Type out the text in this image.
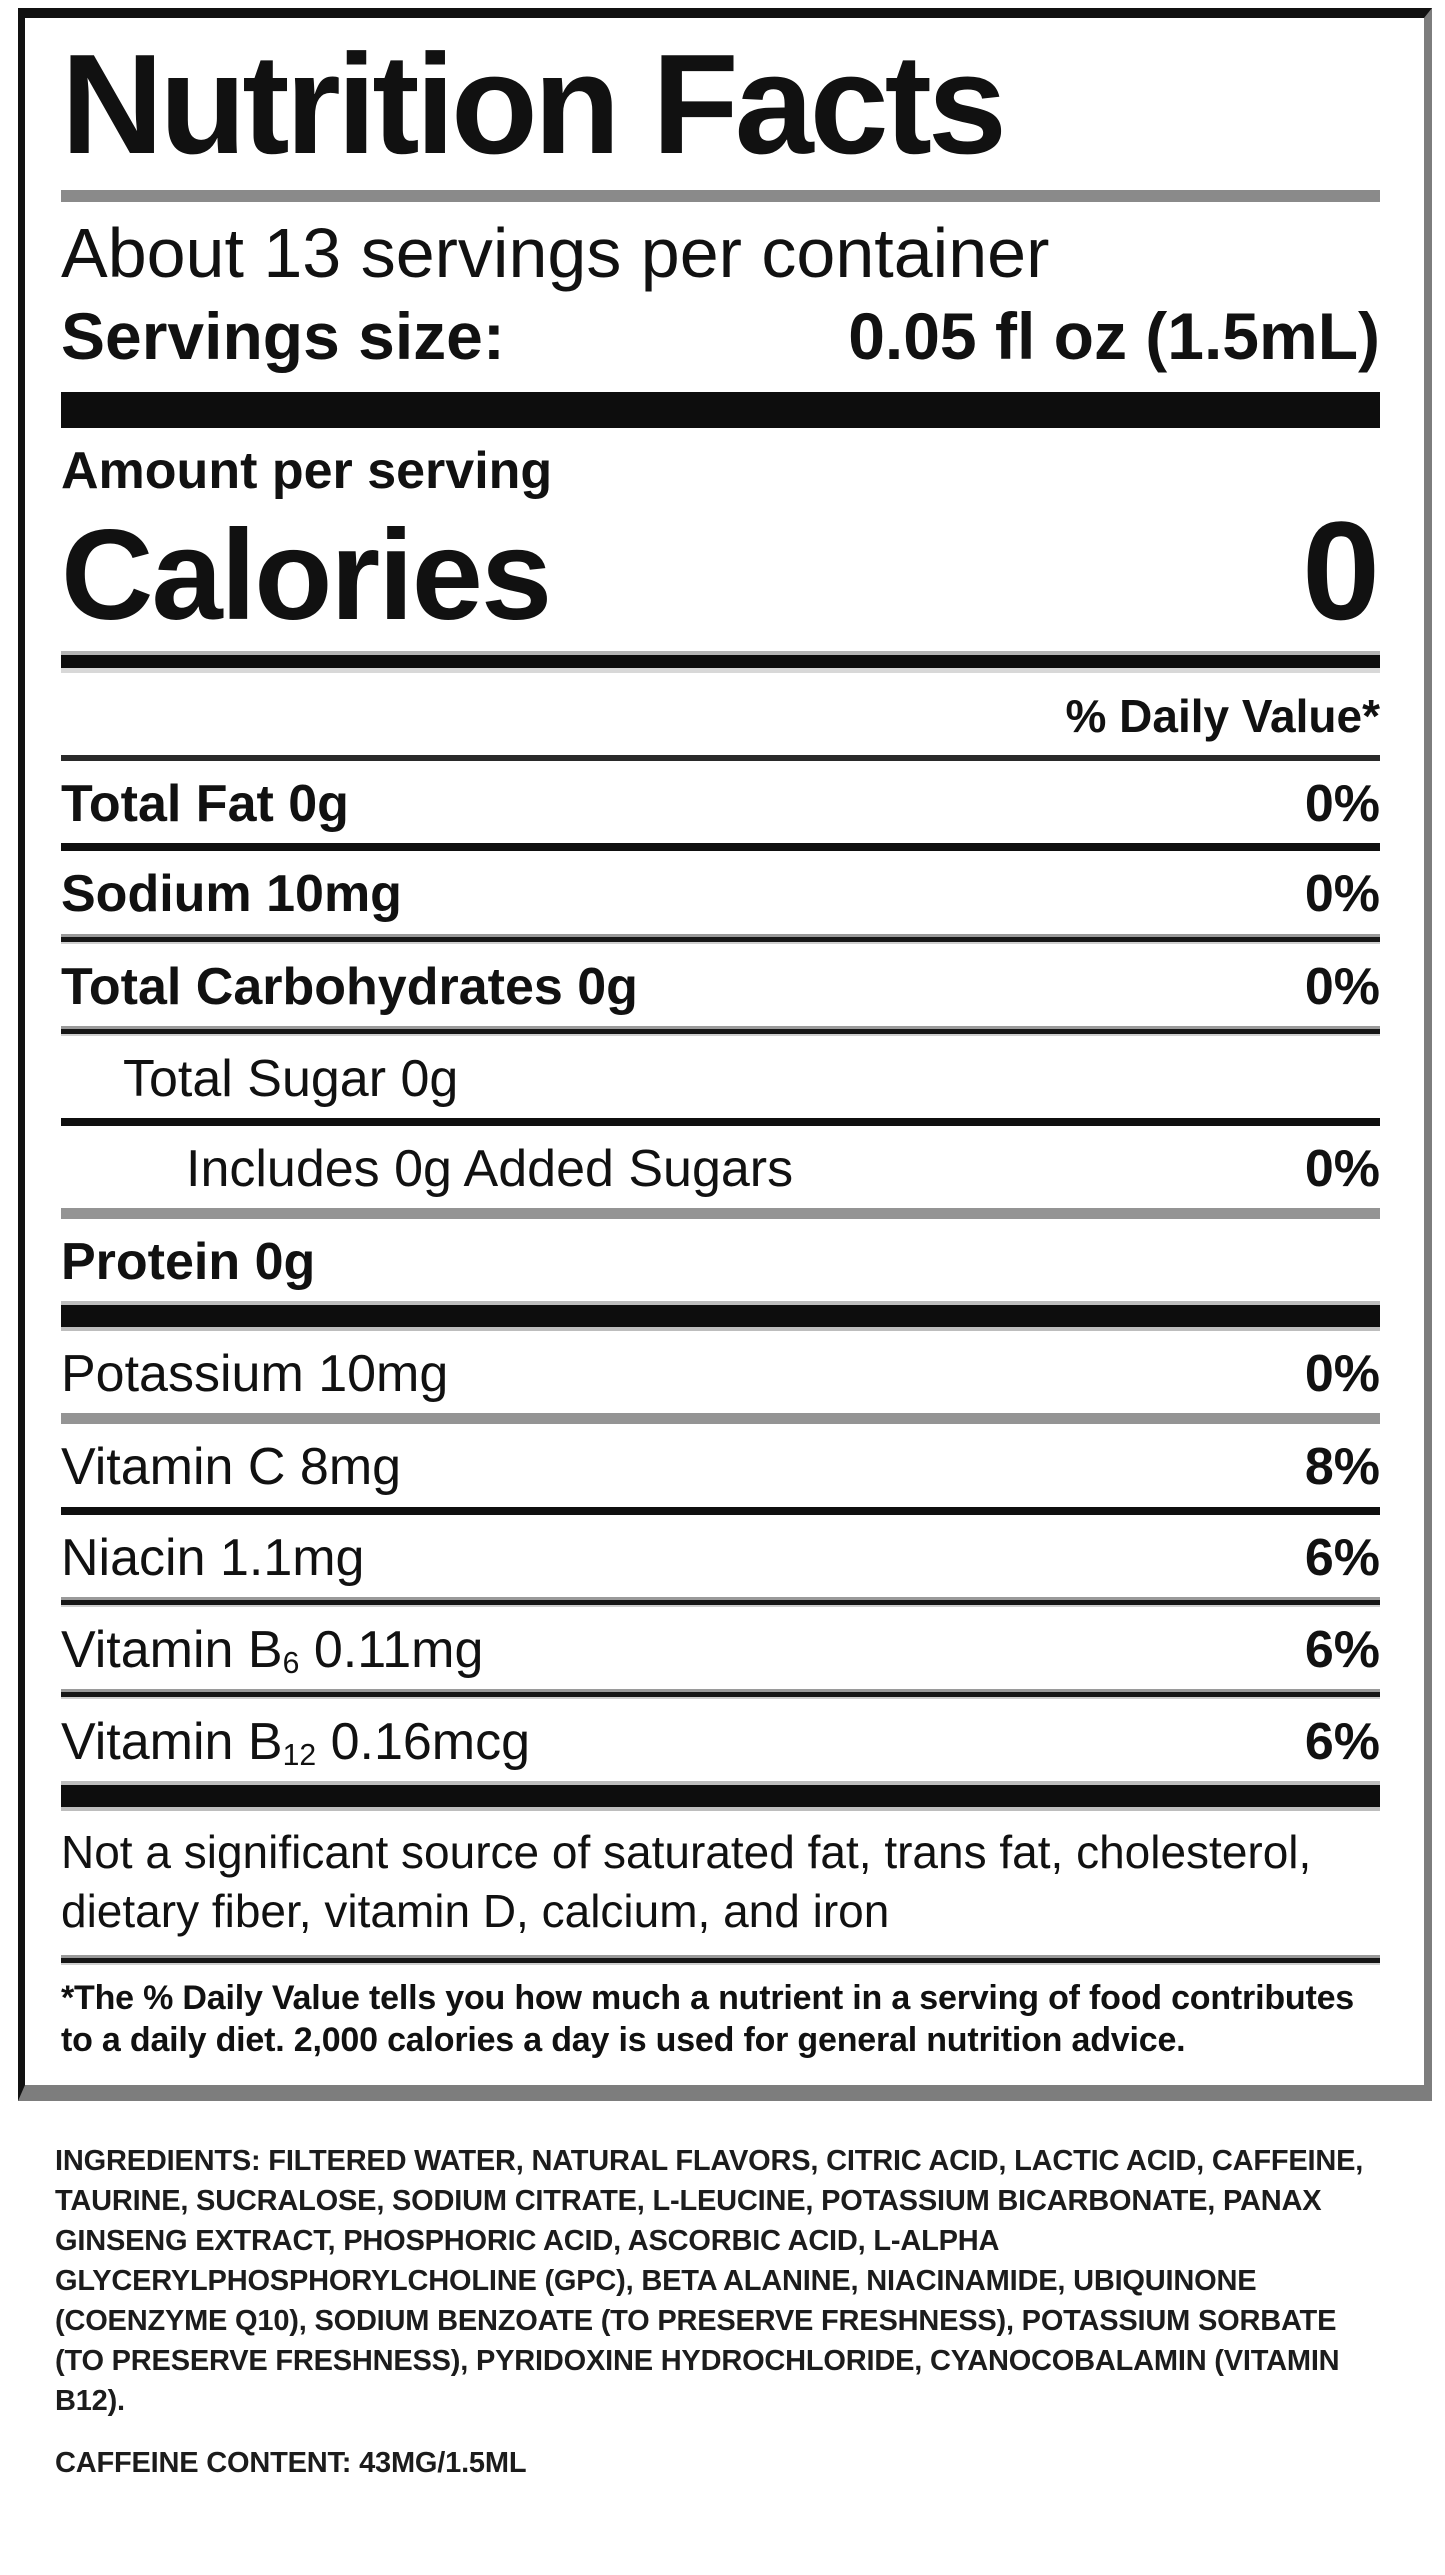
Nutrition Facts
About 13 servings per container
Servings size:	0.05 fl oz (1.5mL)
Amount per serving
Calories	0
% Daily Value*
Total Fat 0g	0%
Sodium 10mg	0%
Total Carbohydrates 0g	0%
Total Sugar 0g
Includes 0g Added Sugars	0%
Protein 0g
Potassium 10mg	0%
Vitamin C 8mg	8%
Niacin 1.1mg	6%
Vitamin $B_6$ 0.11mg	6%
Vitamin $B_{12}$ 0.16mcg	6%
Not a significant source of saturated fat, trans fat, cholesterol, dietary fiber, vitamin D, calcium, and iron
*The % Daily Value tells you how much a nutrient in a serving of food contributes to a daily diet. 2,000 calories a day is used for general nutrition advice.
INGREDIENTS: FILTERED WATER, NATURAL FLAVORS, CITRIC ACID, LACTIC ACID, CAFFEINE, TAURINE, SUCRALOSE, SODIUM CITRATE, L-LEUCINE, POTASSIUM BICARBONATE, PANAX GINSENG EXTRACT, PHOSPHORIC ACID, ASCORBIC ACID, L-ALPHA GLYCERYLPHOSPHORYLCHOLINE (GPC), BETA ALANINE, NIACINAMIDE, UBIQUINONE (COENZYME Q10), SODIUM BENZOATE (TO PRESERVE FRESHNESS), POTASSIUM SORBATE (TO PRESERVE FRESHNESS), PYRIDOXINE HYDROCHLORIDE, CYANOCOBALAMIN (VITAMIN B12).
CAFFEINE CONTENT: 43MG/1.5ML
